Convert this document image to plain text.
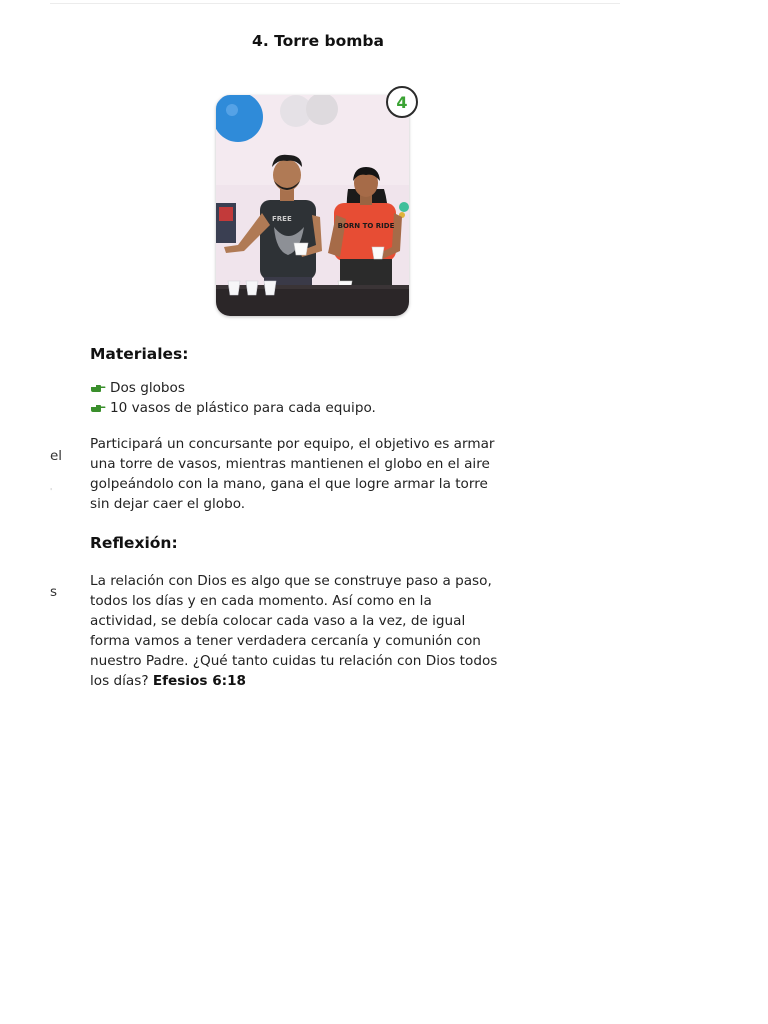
4. Torre bomba
FREE
BORN TO RIDE
4
el
'
s
Materiales:
Dos globos
10 vasos de plástico para cada equipo.
Participará un concursante por equipo, el objetivo es armar
una torre de vasos, mientras mantienen el globo en el aire
golpeándolo con la mano, gana el que logre armar la torre
sin dejar caer el globo.
Reflexión:
La relación con Dios es algo que se construye paso a paso,
todos los días y en cada momento. Así como en la
actividad, se debía colocar cada vaso a la vez, de igual
forma vamos a tener verdadera cercanía y comunión con
nuestro Padre. ¿Qué tanto cuidas tu relación con Dios todos
los días? Efesios 6:18
